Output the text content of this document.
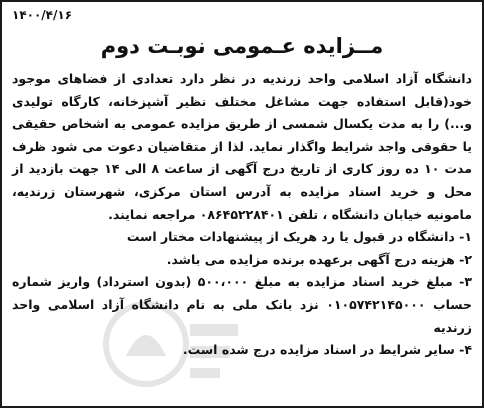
۱۴۰۰/۴/۱۶
مــزایده عـمومی نوبـت دوم

دانشگاه آزاد اسلامی واحد زرندیه در نظر دارد تعدادی از فضاهای موجود خود(قابل استفاده جهت مشاغل مختلف نظیر آشپزخانه، کارگاه تولیدی و...) را به مدت یکسال شمسی از طریق مزایده عمومی به اشخاص حقیقی یا حقوقی واجد شرایط واگذار نماید. لذا از متقاضیان دعوت می شود ظرف مدت ۱۰ ده روز کاری از تاریخ درج آگهی از ساعت ۸ الی ۱۴ جهت بازدید از محل و خرید اسناد مزایده به آدرس استان مرکزی، شهرستان زرندیه، مامونیه خیابان دانشگاه ، تلفن ۰۸۶۴۵۲۲۸۴۰۱ مراجعه نمایند.

۱- دانشگاه در قبول یا رد هریک از پیشنهادات مختار است

۲- هزینه درج آگهی برعهده برنده مزایده می باشد.

۳- مبلغ خرید اسناد مزایده به مبلغ ۵۰۰،۰۰۰ (بدون استرداد) واریز شماره حساب ۰۱۰۵۷۴۲۱۴۵۰۰۰ نزد بانک ملی به نام دانشگاه آزاد اسلامی واحد زرندیه

۴- سایر شرایط در اسناد مزایده درج شده است.
